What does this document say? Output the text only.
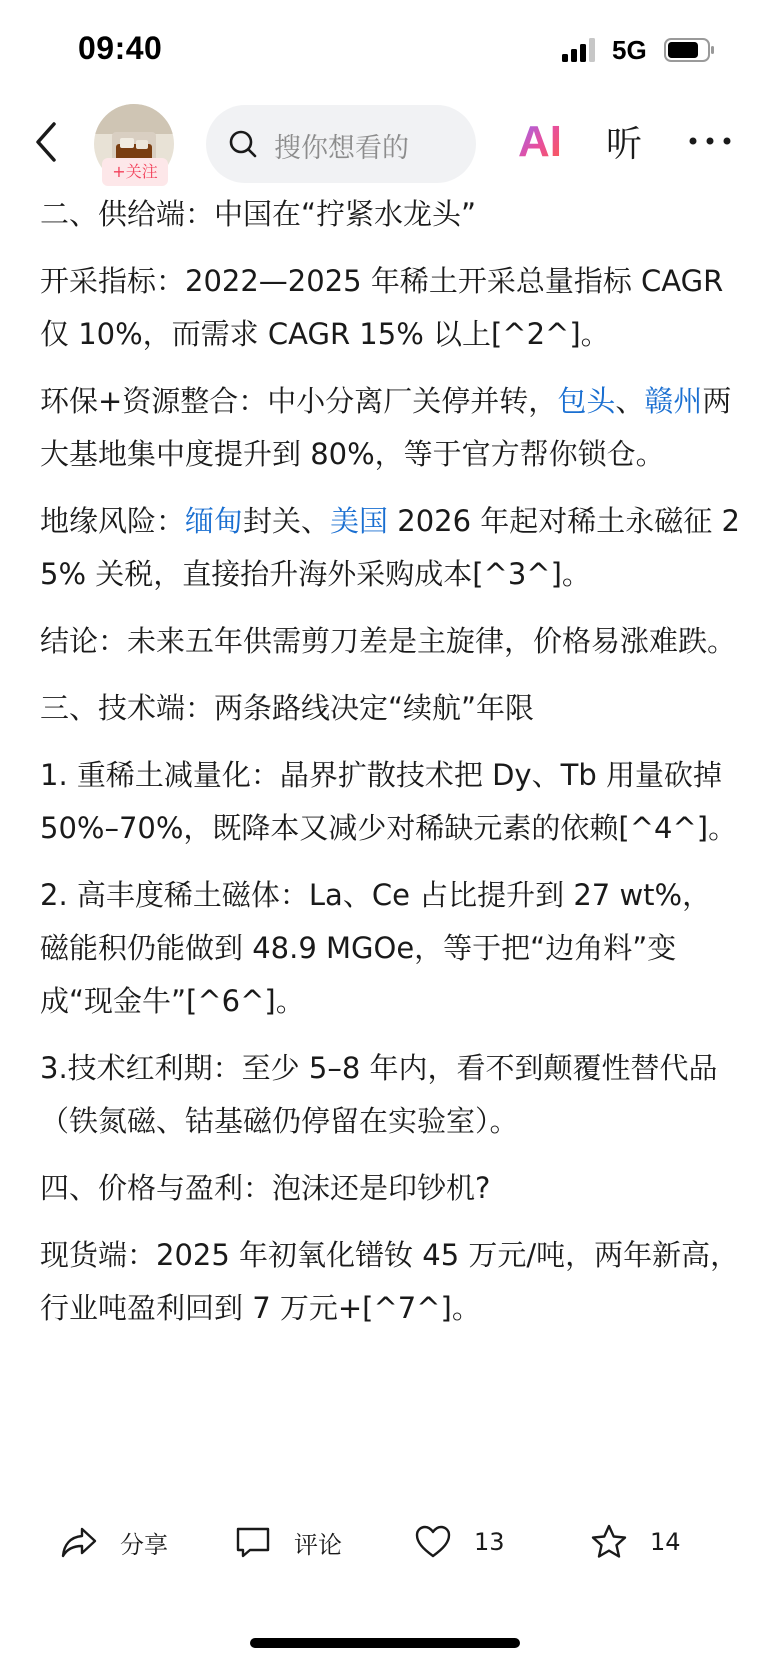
09:40	5G
+关注
搜你想看的 AI 听

二、供给端：中国在“拧紧水龙头”

开采指标：2022—2025 年稀土开采总量指标 CAGR 仅 10%，而需求 CAGR 15% 以上[^2^]。

环保+资源整合：中小分离厂关停并转，包头、赣州两大基地集中度提升到 80%，等于官方帮你锁仓。

地缘风险：缅甸封关、美国 2026 年起对稀土永磁征 25% 关税，直接抬升海外采购成本[^3^]。

结论：未来五年供需剪刀差是主旋律，价格易涨难跌。

三、技术端：两条路线决定“续航”年限

1. 重稀土减量化：晶界扩散技术把 Dy、Tb 用量砍掉 50%–70%，既降本又减少对稀缺元素的依赖[^4^]。

2. 高丰度稀土磁体：La、Ce 占比提升到 27 wt%，磁能积仍能做到 48.9 MGOe，等于把“边角料”变成“现金牛”[^6^]。

3.技术红利期：至少 5–8 年内，看不到颠覆性替代品（铁氮磁、钴基磁仍停留在实验室）。

四、价格与盈利：泡沫还是印钞机?

现货端：2025 年初氧化镨钕 45 万元/吨，两年新高，行业吨盈利回到 7 万元+[^7^]。

分享	评论	13	14
